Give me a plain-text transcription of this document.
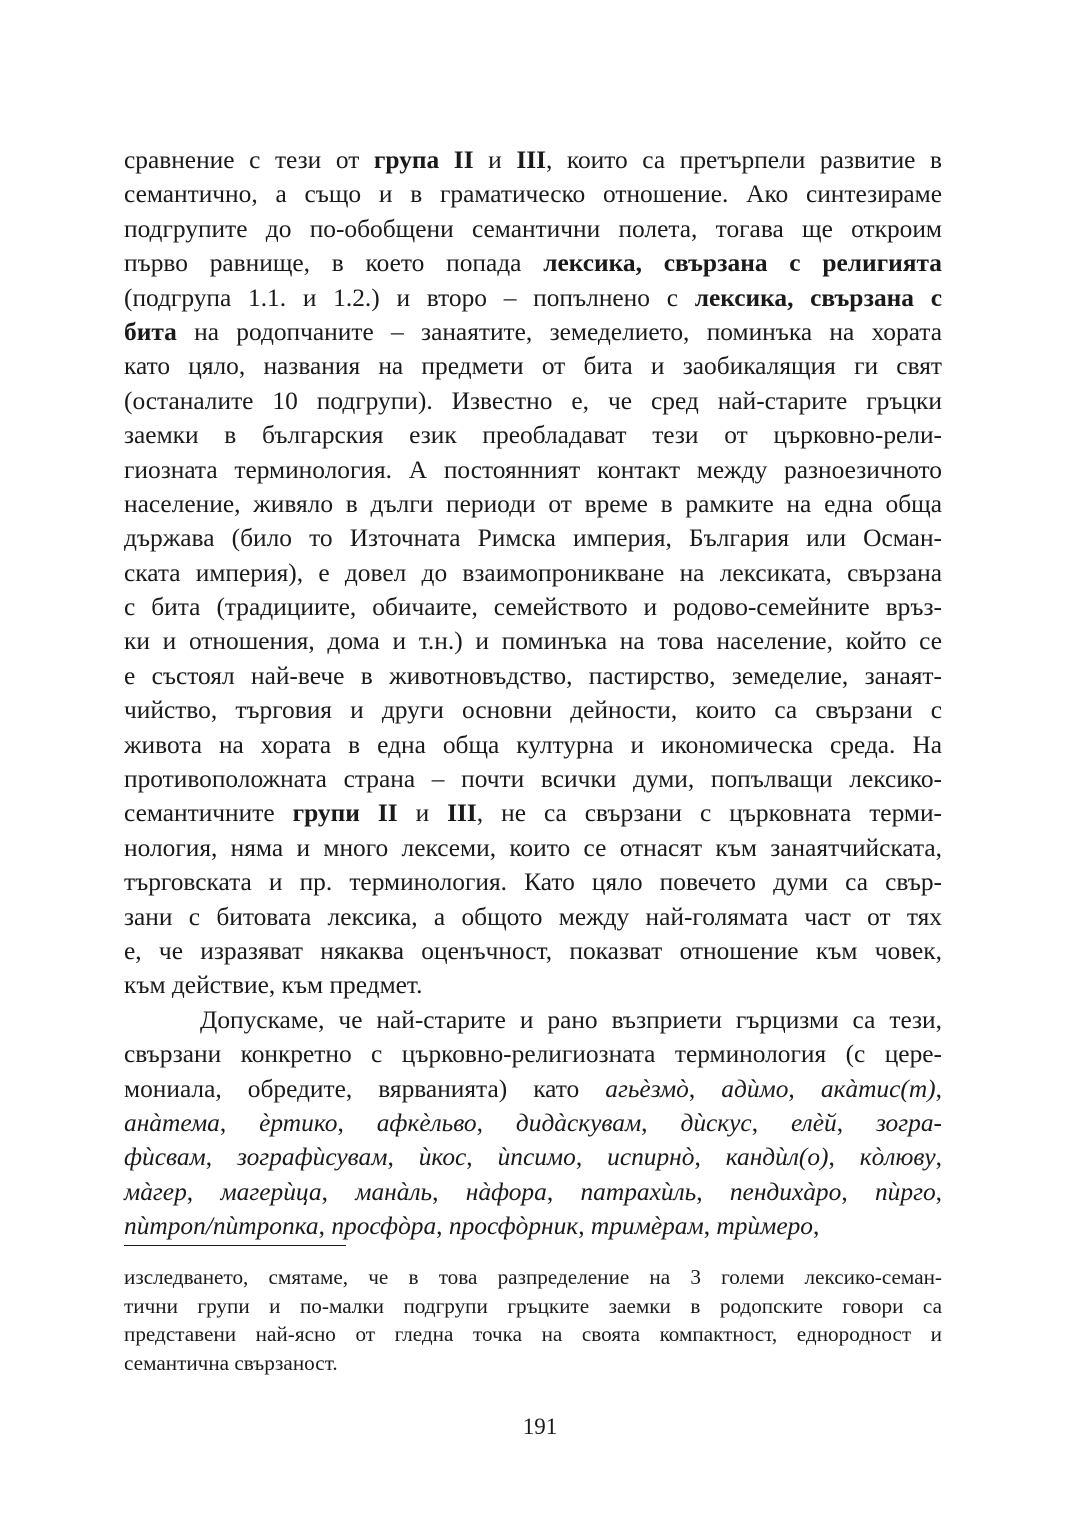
сравнение с тези от група II и III, които са претърпели развитие в
семантично, а също и в граматическо отношение. Ако синтезираме
подгрупите до по-обобщени семантични полета, тогава ще откроим
първо равнище, в което попада лексика, свързана с религията
(подгрупа 1.1. и 1.2.) и второ – попълнено с лексика, свързана с
бита на родопчаните – занаятите, земеделието, поминъка на хората
като цяло, названия на предмети от бита и заобикалящия ги свят
(останалите 10 подгрупи). Известно е, че сред най-старите гръцки
заемки в българския език преобладават тези от църковно-рели-
гиозната терминология. А постоянният контакт между разноезичното
население, живяло в дълги периоди от време в рамките на една обща
държава (било то Източната Римска империя, България или Осман-
ската империя), е довел до взаимопроникване на лексиката, свързана
с бита (традициите, обичаите, семейството и родово-семейните връз-
ки и отношения, дома и т.н.) и поминъка на това население, който се
е състоял най-вече в животновъдство, пастирство, земеделие, занаят-
чийство, търговия и други основни дейности, които са свързани с
живота на хората в една обща културна и икономическа среда. На
противоположната страна – почти всички думи, попълващи лексико-
семантичните групи II и III, не са свързани с църковната терми-
нология, няма и много лексеми, които се отнасят към занаятчийската,
търговската и пр. терминология. Като цяло повечето думи са свър-
зани с битовата лексика, а общото между най-голямата част от тях
е, че изразяват някаква оценъчност, показват отношение към човек,
към действие, към предмет.
Допускаме, че най-старите и рано възприети гърцизми са тези,
свързани конкретно с църковно-религиозната терминология (с цере-
мониала, обредите, вярванията) като агьѐзмò, адѝмо, акàтис(т),
анàтема, ѐртико, афкѐльво, дидàскувам, дѝскус, елѐй, зогра-
фѝсвам, зографѝсувам, ѝкос, ѝпсимо, испирнò, кандѝл(о), кòлюву,
мàгер, магерѝца, манàль, нàфора, патрахѝль, пендихàро, пѝрго,
пѝтроп/пѝтропка, просфòра, просфòрник, тримѐрам, трѝмеро,
изследването, смятаме, че в това разпределение на 3 големи лексико-семан-
тични групи и по-малки подгрупи гръцките заемки в родопските говори са
представени най-ясно от гледна точка на своята компактност, еднородност и
семантична свързаност.
191
